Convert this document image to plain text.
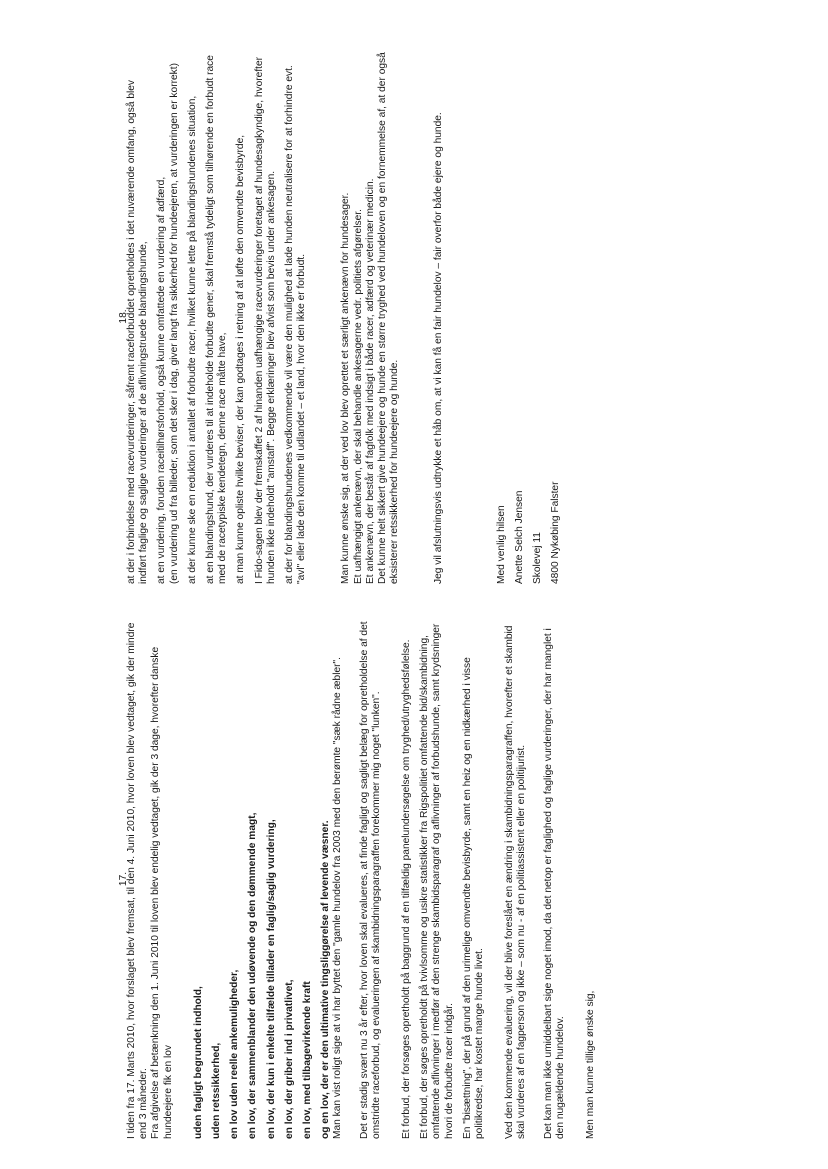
17.

I tiden fra 17. Marts 2010, hvor forslaget blev fremsat, til den 4. Juni 2010, hvor loven blev vedtaget, gik der mindre end 3 måneder. Fra afgivelse af betænkning den 1. Juni 2010 til loven blev endelig vedtaget, gik der 3 dage, hvorefter danske hundeejere fik en lov uden fagligt begrundet indhold, uden retssikkerhed, en lov uden reelle ankemuligheder, en lov, der sammenblander den udøvende og den dømmende magt, en lov, der kun i enkelte tilfælde tillader en faglig/saglig vurdering, en lov, der griber ind i privatlivet, en lov, med tilbagevirkende kraft og en lov, der er den ultimative tingsliggørelse af levende væsner. Man kan vist roligt sige at vi har byttet den "gamle hundelov fra 2003 med den berømte "sæk rådne æbler". Det er stadig svært nu 3 år efter, hvor loven skal evalueres, at finde fagligt og sagligt belæg for opretholdelse af det omstridte raceforbud, og evalueringen af skambidningsparagraffen forekommer mig noget "lunken". Et forbud, der forsøges opretholdt på baggrund af en tilfældig panelundersøgelse om tryghed/utryghedsfølelse. Et forbud, der søges opretholdt på tvivlsomme og usikre statistikker fra Rigspolitiet omfattende bid/skambidning, omfattende aflivninger i medfør af den strenge skambidsparagraf og aflivninger af forbudshunde, samt krydsninger hvori de forbudte racer indgår. En "bisættning", der på grund af den urimelige omvendte bevisbyrde, samt en heiz og en nidkærhed i visse politikredse, har kostet mange hunde livet. Ved den kommende evaluering, vil der blive foreslået en ændring i skambidningsparagraffen, hvorefter et skambid skal vurderes af en fagperson og ikke – som nu - af en politiassistent eller en politijurist. Det kan man ikke umiddelbart sige noget imod, da det netop er faglighed og faglige vurderinger, der har manglet i den nugældende hundelov. Men man kunne tillige ønske sig,

18.

at der i forbindelse med racevurderinger, såfremt raceforbuddet opretholdes i det nuværende omfang, også blev indført faglige og saglige vurderinger af de aflivningstruede blandingshunde, at en vurdering, foruden raceitilhørsforhold, også kunne omfattede en vurdering af adfærd, (en vurdering ud fra billeder, som det sker i dag, giver langt fra sikkerhed for hundeejeren, at vurderingen er korrekt) at der kunne ske en reduktion i antallet af forbudte racer, hvilket kunne lette på blandingshundenes situation, at en blandingshund, der vurderes til at indeholde forbudte gener, skal fremstå tydeligt som tilhørende en forbudt race med de racetypiske kendetegn, denne race måtte have, at man kunne opliste hvilke beviser, der kan godtages i retning af at løfte den omvendte bevisbyrde, I Fido-sagen blev der fremskaffet 2 af hinanden uafhængige racevurderinger foretaget af hundesagkyndige, hvorefter hunden ikke indeholdt "amstaff". Begge erklæringer blev afvist som bevis under ankesagen. at der for blandingshundenes vedkommende vil være den mulighed at lade hunden neutralisere for at forhindre evt. "avl" eller lade den komme til udlandet – et land, hvor den ikke er forbudt.	Man kunne ønske sig, at der ved lov blev oprettet et særligt ankenævn for hundesager. Et uafhængigt ankenævn, der skal behandle ankesagerne vedr. politiets afgørelser. Et ankenævn, der består af fagfolk med indsigt i både racer, adfærd og veterinær medicin. Det kunne helt sikkert give hundeejere og hunde en større tryghed ved hundeloven og en fornemmelse af, at der også eksisterer retssikkerhed for hundeejere og hunde.	Jeg vil afslutningsvis udtrykke et håb om, at vi kan få en fair hundelov – fair overfor både ejere og hunde.	Med venlig hilsen Anette Selch Jensen Skolevej 11 4800 Nykøbing Falster
